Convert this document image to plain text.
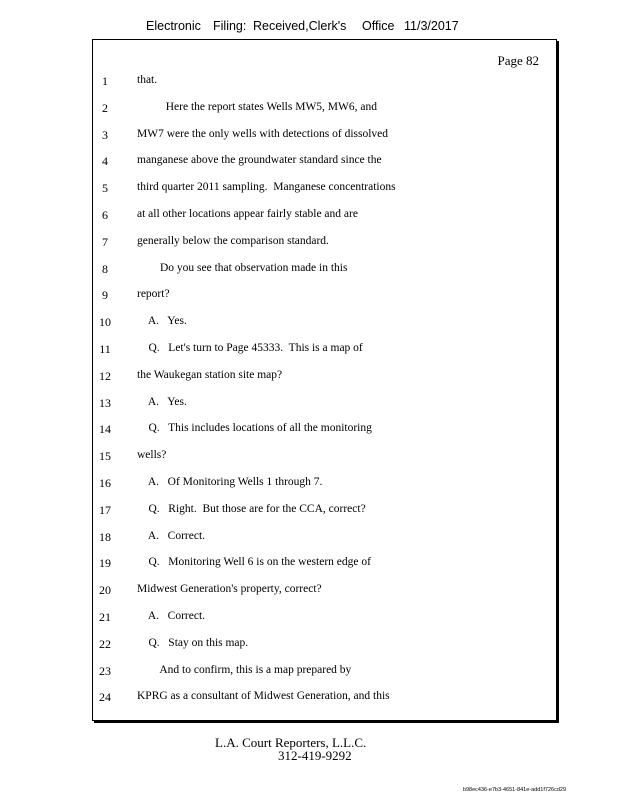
Electronic Filing: Received,Clerk's Office 11/3/2017
Page 82
1	that.
2	Here the report states Wells MW5, MW6, and
3	MW7 were the only wells with detections of dissolved
4	manganese above the groundwater standard since the
5	third quarter 2011 sampling.  Manganese concentrations
6	at all other locations appear fairly stable and are
7	generally below the comparison standard.
8	Do you see that observation made in this
9	report?
10	A.   Yes.
11	Q.   Let's turn to Page 45333.  This is a map of
12	the Waukegan station site map?
13	A.   Yes.
14	Q.   This includes locations of all the monitoring
15	wells?
16	A.   Of Monitoring Wells 1 through 7.
17	Q.   Right.  But those are for the CCA, correct?
18	A.   Correct.
19	Q.   Monitoring Well 6 is on the western edge of
20	Midwest Generation's property, correct?
21	A.   Correct.
22	Q.   Stay on this map.
23	And to confirm, this is a map prepared by
24	KPRG as a consultant of Midwest Generation, and this
L.A. Court Reporters, L.L.C.
312-419-9292
b98ec436-e7b3-4651-841e-add1f726cd29
